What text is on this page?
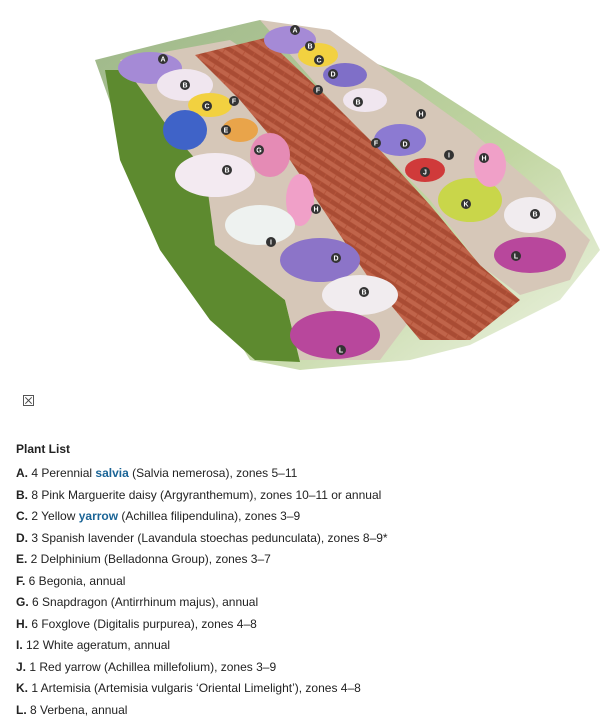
A
A
B
B
B
B
B
B
C
C
D
D
D
E
F
F
F
G
H
H
H
I
I
J
K
L
L
Plant List
A. 4 Perennial salvia (Salvia nemerosa), zones 5–11
B. 8 Pink Marguerite daisy (Argyranthemum), zones 10–11 or annual
C. 2 Yellow yarrow (Achillea filipendulina), zones 3–9
D. 3 Spanish lavender (Lavandula stoechas pedunculata), zones 8–9*
E. 2 Delphinium (Belladonna Group), zones 3–7
F. 6 Begonia, annual
G. 6 Snapdragon (Antirrhinum majus), annual
H. 6 Foxglove (Digitalis purpurea), zones 4–8
I. 12 White ageratum, annual
J. 1 Red yarrow (Achillea millefolium), zones 3–9
K. 1 Artemisia (Artemisia vulgaris ‘Oriental Limelight’), zones 4–8
L. 8 Verbena, annual
